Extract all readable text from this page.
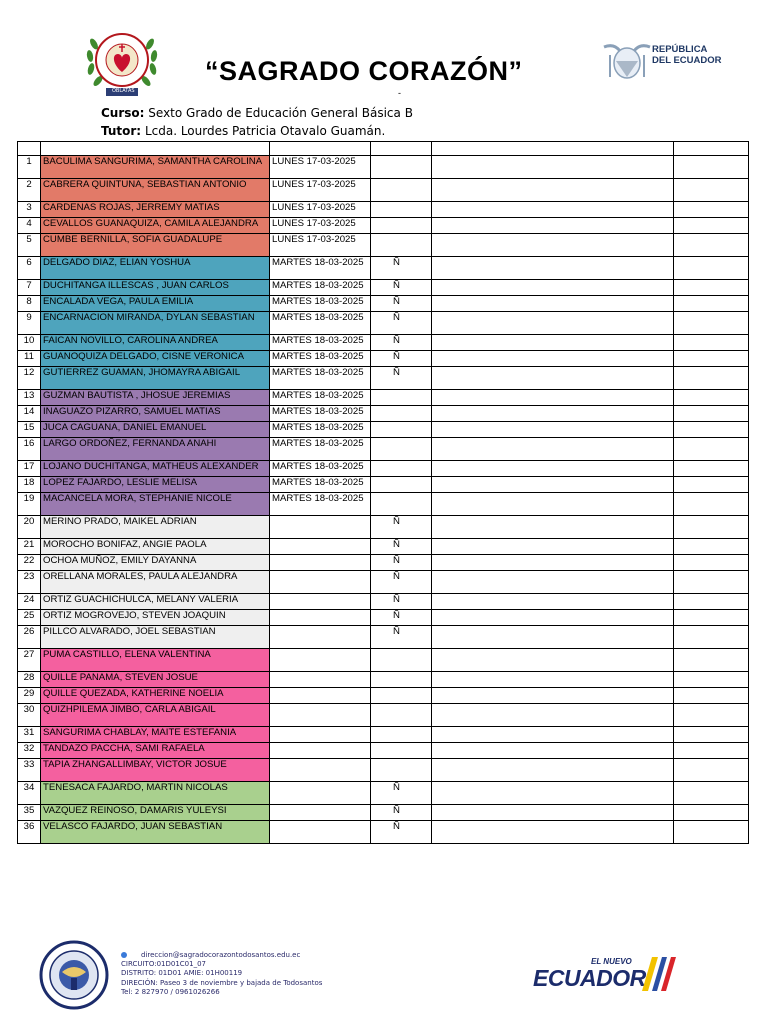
OBLATAS
“SAGRADO CORAZÓN”
-
REPÚBLICA
DEL ECUADOR
Curso: Sexto Grado de Educación General Básica B
Tutor: Lcda. Lourdes Patricia Otavalo Guamán.

1	BACULIMA SANGURIMA, SAMANTHA CAROLINA	LUNES 17-03-2025			
2	CABRERA QUINTUNA, SEBASTIAN ANTONIO	LUNES 17-03-2025			
3	CARDENAS ROJAS, JERREMY MATIAS	LUNES 17-03-2025			
4	CEVALLOS GUANAQUIZA, CAMILA ALEJANDRA	LUNES 17-03-2025			
5	CUMBE BERNILLA, SOFIA GUADALUPE	LUNES 17-03-2025			
6	DELGADO DIAZ, ELIAN YOSHUA	MARTES 18-03-2025	Ñ		
7	DUCHITANGA ILLESCAS , JUAN CARLOS	MARTES 18-03-2025	Ñ		
8	ENCALADA VEGA, PAULA EMILIA	MARTES 18-03-2025	Ñ		
9	ENCARNACION MIRANDA, DYLAN SEBASTIAN	MARTES 18-03-2025	Ñ		
10	FAICAN NOVILLO, CAROLINA ANDREA	MARTES 18-03-2025	Ñ		
11	GUANOQUIZA DELGADO, CISNE VERONICA	MARTES 18-03-2025	Ñ		
12	GUTIERREZ GUAMAN, JHOMAYRA ABIGAIL	MARTES 18-03-2025	Ñ		
13	GUZMAN BAUTISTA , JHOSUE JEREMIAS	MARTES 18-03-2025			
14	INAGUAZO PIZARRO, SAMUEL MATIAS	MARTES 18-03-2025			
15	JUCA CAGUANA, DANIEL EMANUEL	MARTES 18-03-2025			
16	LARGO ORDOÑEZ, FERNANDA ANAHI	MARTES 18-03-2025			
17	LOJANO DUCHITANGA, MATHEUS ALEXANDER	MARTES 18-03-2025			
18	LOPEZ FAJARDO, LESLIE MELISA	MARTES 18-03-2025			
19	MACANCELA MORA, STEPHANIE NICOLE	MARTES 18-03-2025			
20	MERINO PRADO, MAIKEL ADRIAN		Ñ		
21	MOROCHO BONIFAZ, ANGIE PAOLA		Ñ		
22	OCHOA MUÑOZ, EMILY DAYANNA		Ñ		
23	ORELLANA MORALES, PAULA ALEJANDRA		Ñ		
24	ORTIZ GUACHICHULCA, MELANY VALERIA		Ñ		
25	ORTIZ MOGROVEJO, STEVEN JOAQUIN		Ñ		
26	PILLCO ALVARADO, JOEL SEBASTIAN		Ñ		
27	PUMA CASTILLO, ELENA VALENTINA				
28	QUILLE PANAMA, STEVEN JOSUE				
29	QUILLE QUEZADA, KATHERINE NOELIA				
30	QUIZHPILEMA JIMBO, CARLA ABIGAIL				
31	SANGURIMA CHABLAY, MAITE ESTEFANIA				
32	TANDAZO PACCHA, SAMI RAFAELA				
33	TAPIA ZHANGALLIMBAY, VICTOR JOSUE				
34	TENESACA FAJARDO, MARTIN NICOLAS		Ñ		
35	VAZQUEZ REINOSO, DAMARIS YULEYSI		Ñ		
36	VELASCO FAJARDO, JUAN SEBASTIAN		Ñ		
direccion@sagradocorazontodosantos.edu.ec
CIRCUITO:01D01C01_07
DISTRITO: 01D01 AMIE: 01H00119
DIRECIÓN: Paseo 3 de noviembre y bajada de Todosantos
Tel: 2 827970 / 0961026266
EL NUEVO
ECUADOR
